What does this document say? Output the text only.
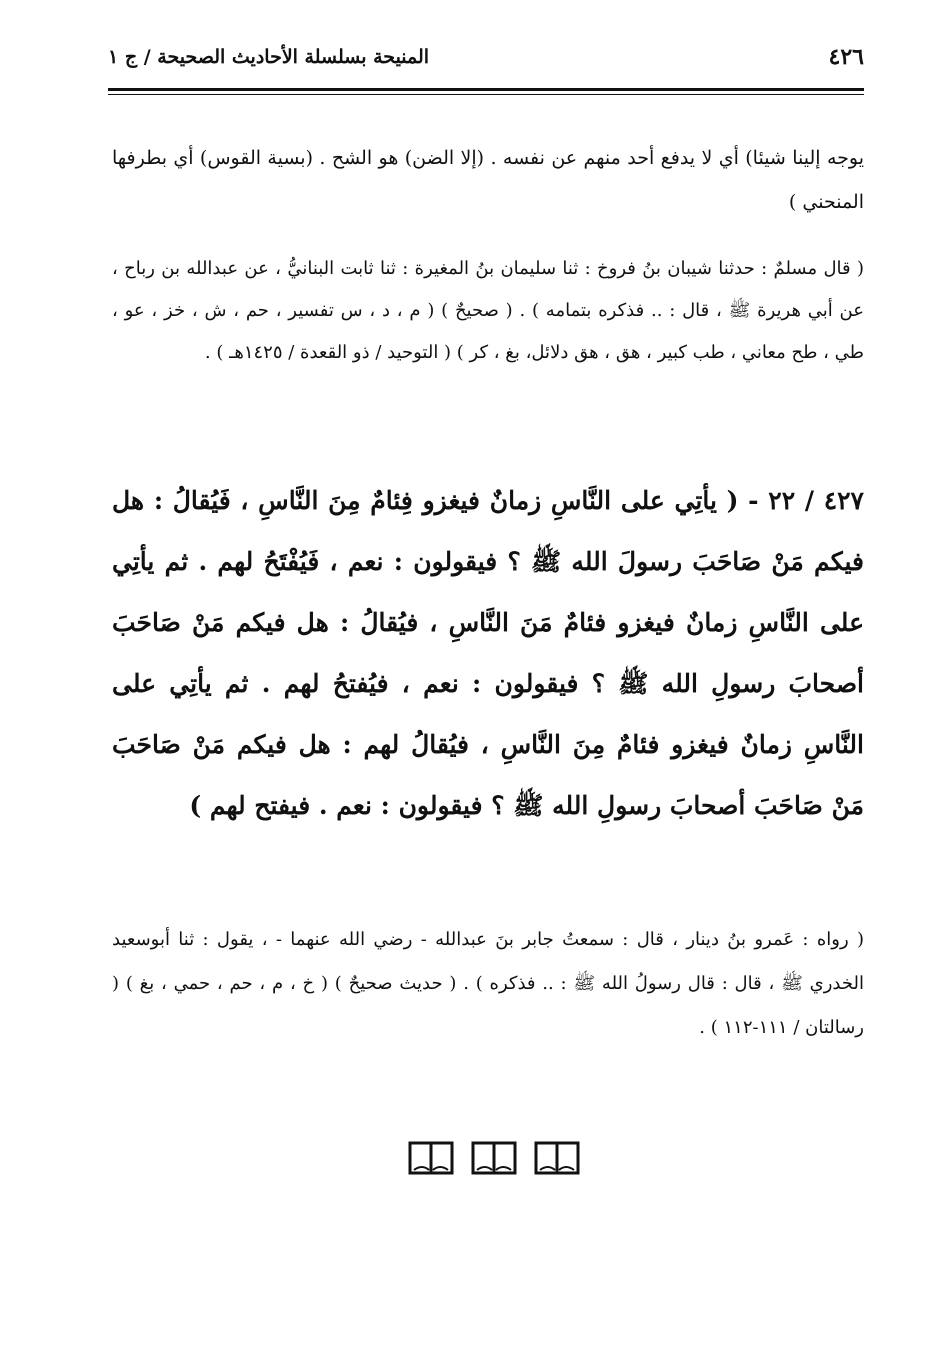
٤٢٦
المنيحة بسلسلة الأحاديث الصحيحة / ج ١
يوجه إلينا شيئا) أي لا يدفع أحد منهم عن نفسه . (إلا الضن) هو الشح . (بسية القوس) أي بطرفها المنحني )
( قال مسلمٌ : حدثنا شيبان بنُ فروخ : ثنا سليمان بنُ المغيرة : ثنا ثابت البنانيُّ ، عن عبدالله بن رباح ، عن أبي هريرة ﷺ ، قال : .. فذكره بتمامه ) . ( صحيحٌ ) ( م ، د ، س تفسير ، حم ، ش ، خز ، عو ، طي ، طح معاني ، طب كبير ، هق ، هق دلائل، بغ ، كر ) ( التوحيد / ذو القعدة / ١٤٢٥هـ ) .
٤٢٧ / ٢٢ - ( يأتِي على النَّاسِ زمانٌ فيغزو فِئامٌ مِنَ النَّاسِ ، فَيُقالُ : هل فيكم مَنْ صَاحَبَ رسولَ الله ﷺ ؟ فيقولون : نعم ، فَيُفْتَحُ لهم . ثم يأتِي على النَّاسِ زمانٌ فيغزو فئامٌ مَنَ النَّاسِ ، فيُقالُ : هل فيكم مَنْ صَاحَبَ أصحابَ رسولِ الله ﷺ ؟ فيقولون : نعم ، فيُفتحُ لهم . ثم يأتِي على النَّاسِ زمانٌ فيغزو فئامٌ مِنَ النَّاسِ ، فيُقالُ لهم : هل فيكم مَنْ صَاحَبَ مَنْ صَاحَبَ أصحابَ رسولِ الله ﷺ ؟ فيقولون : نعم . فيفتح لهم )
( رواه : عَمرو بنُ دينار ، قال : سمعتُ جابر بنَ عبدالله - رضي الله عنهما - ، يقول : ثنا أبوسعيد الخدري ﷺ ، قال : قال رسولُ الله ﷺ : .. فذكره ) . ( حديث صحيحٌ ) ( خ ، م ، حم ، حمي ، بغ ) ( رسالتان / ١١١-١١٢ ) .
